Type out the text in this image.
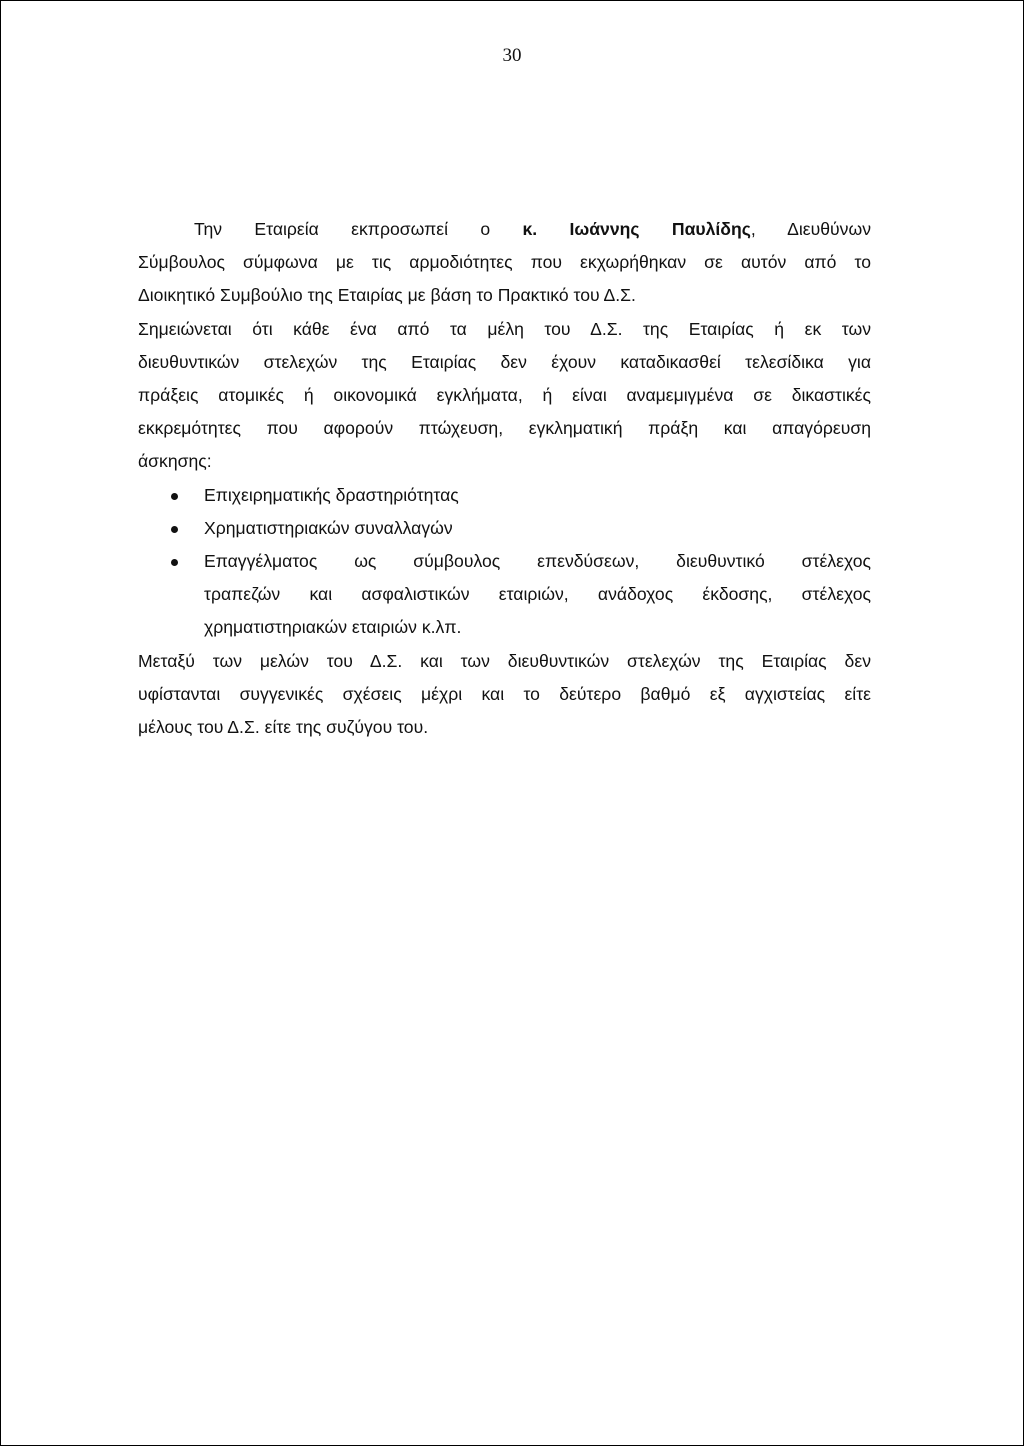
30

Την Εταιρεία εκπροσωπεί ο κ. Ιωάννης Παυλίδης, Διευθύνων

Σύμβουλος σύμφωνα με τις αρμοδιότητες που εκχωρήθηκαν σε αυτόν από το
Διοικητικό Συμβούλιο της Εταιρίας με βάση το Πρακτικό του Δ.Σ.

Σημειώνεται ότι κάθε ένα από τα μέλη του Δ.Σ. της Εταιρίας ή εκ των

διευθυντικών στελεχών της Εταιρίας δεν έχουν καταδικασθεί τελεσίδικα για
πράξεις ατομικές ή οικονομικά εγκλήματα, ή είναι αναμεμιγμένα σε δικαστικές
εκκρεμότητες που αφορούν πτώχευση, εγκληματική πράξη και απαγόρευση
άσκησης:

Επιχειρηματικής δραστηριότητας
Χρηματιστηριακών συναλλαγών
Επαγγέλματος ως σύμβουλος επενδύσεων, διευθυντικό στέλεχος
τραπεζών και ασφαλιστικών εταιριών, ανάδοχος έκδοσης, στέλεχος
χρηματιστηριακών εταιριών κ.λπ.

Μεταξύ των μελών του Δ.Σ. και των διευθυντικών στελεχών της Εταιρίας δεν
υφίστανται συγγενικές σχέσεις μέχρι και το δεύτερο βαθμό εξ αγχιστείας είτε
μέλους του Δ.Σ. είτε της συζύγου του.
